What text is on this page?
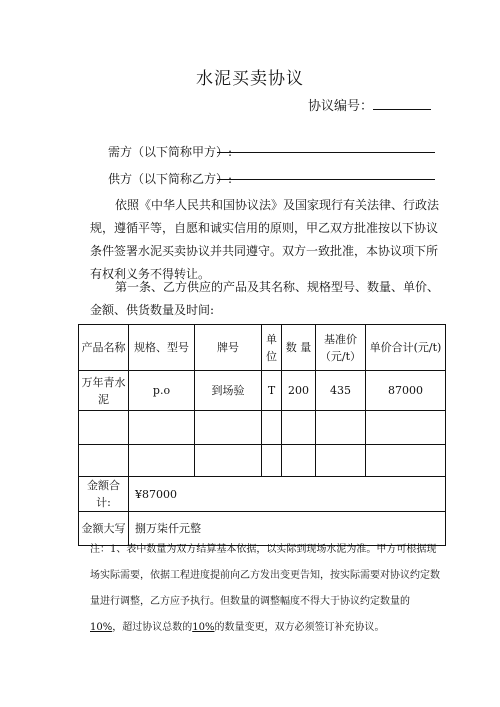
水泥买卖协议
协议编号：
需方（以下简称甲方）:
供方（以下简称乙方）:
依照《中华人民共和国协议法》及国家现行有关法律、行政法规，遵循平等，自愿和诚实信用的原则，甲乙双方批准按以下协议条件签署水泥买卖协议并共同遵守。双方一致批准，本协议项下所有权利义务不得转让。
第一条、乙方供应的产品及其名称、规格型号、数量、单价、金额、供货数量及时间:
产品名称	规格、型号	牌号	单位	数 量	基准价（元/t）	单价合计(元/t)
万年青水泥	p.o	到场验	T	200	435	87000

金额合计:	¥87000					
金额大写	捌万柒仟元整					
注：1、表中数量为双方结算基本依据，以实际到现场水泥为准。甲方可根据现场实际需要，依据工程进度提前向乙方发出变更告知，按实际需要对协议约定数量进行调整，乙方应予执行。但数量的调整幅度不得大于协议约定数量的10%，超过协议总数的10%的数量变更，双方必须签订补充协议。
